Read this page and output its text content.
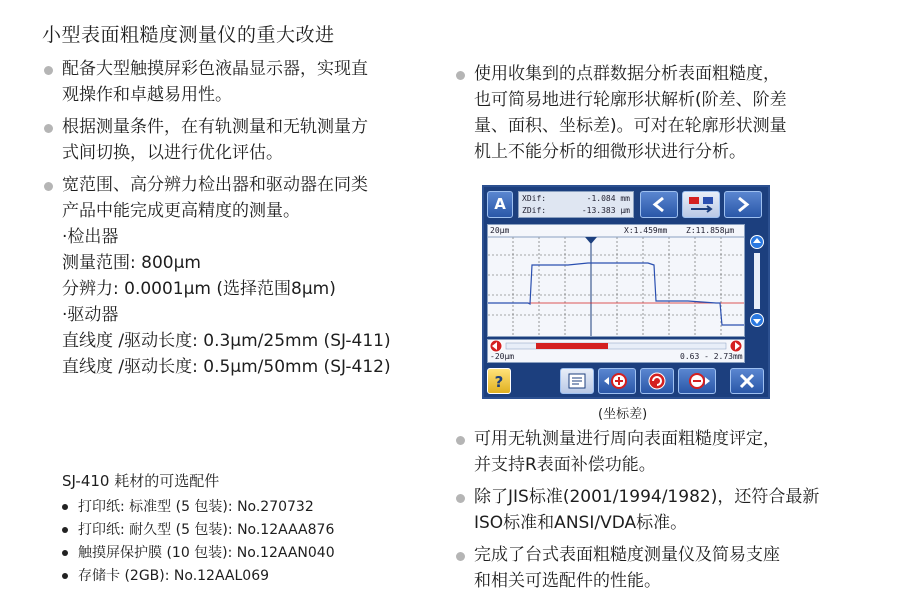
小型表面粗糙度测量仪的重大改进
配备大型触摸屏彩色液晶显示器，实现直
观操作和卓越易用性。
根据测量条件，在有轨测量和无轨测量方
式间切换，以进行优化评估。
宽范围、高分辨力检出器和驱动器在同类
产品中能完成更高精度的测量。
·检出器
测量范围: 800μm
分辨力: 0.0001μm (选择范围8μm)
·驱动器
直线度 /驱动长度: 0.3μm/25mm (SJ-411)
直线度 /驱动长度: 0.5μm/50mm (SJ-412)
SJ-410 耗材的可选配件
打印纸: 标准型 (5 包装): No.270732
打印纸: 耐久型 (5 包装): No.12AAA876
触摸屏保护膜 (10 包装): No.12AAN040
存储卡 (2GB): No.12AAL069
使用收集到的点群数据分析表面粗糙度，
也可简易地进行轮廓形状解析(阶差、阶差
量、面积、坐标差)。可对在轮廓形状测量
机上不能分析的细微形状进行分析。
A	XDif:	-1.084 mm
ZDif:	-13.383 μm
20μm	X:1.459mm Z:11.858μm
-20μm	0.63 - 2.73mm
?
(坐标差)
可用无轨测量进行周向表面粗糙度评定，
并支持R表面补偿功能。
除了JIS标准(2001/1994/1982)，还符合最新
ISO标准和ANSI/VDA标准。
完成了台式表面粗糙度测量仪及简易支座
和相关可选配件的性能。
